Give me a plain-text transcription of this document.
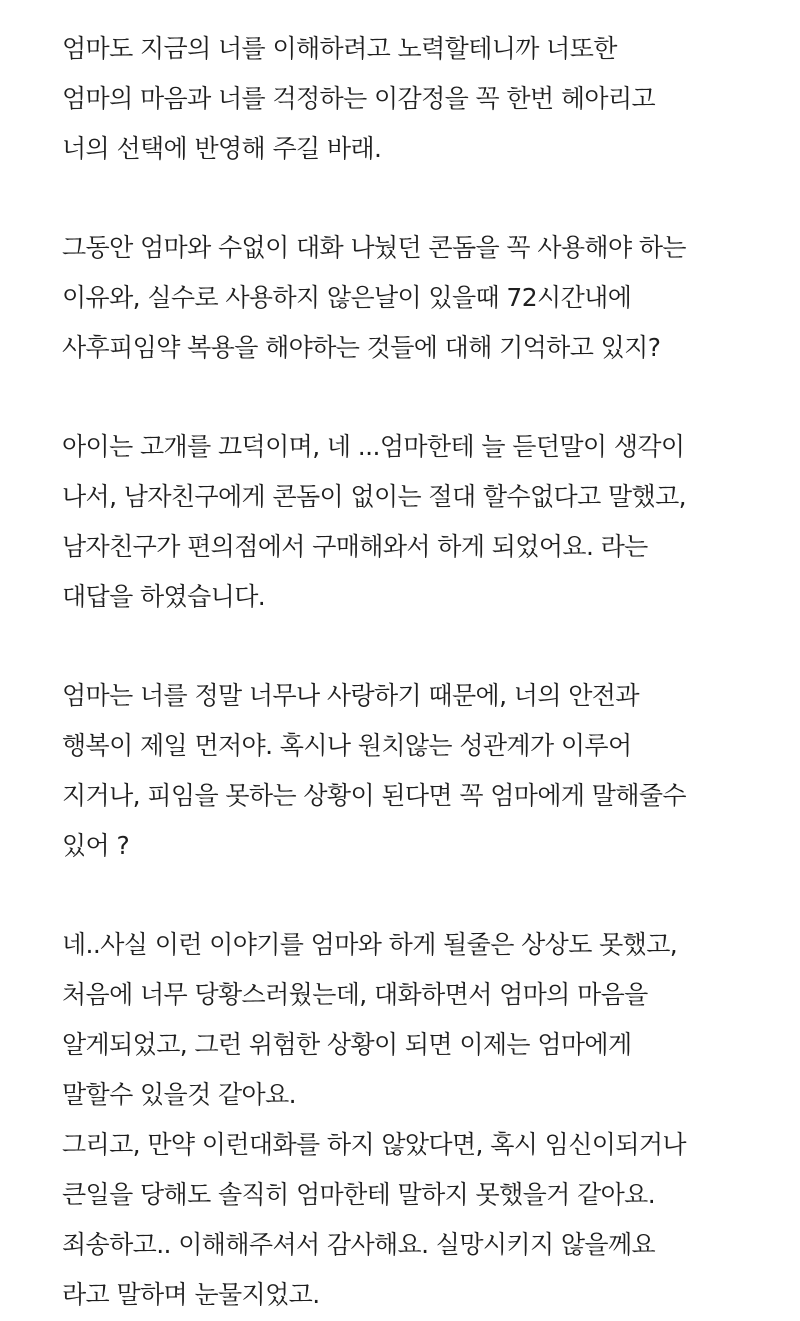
엄마도 지금의 너를 이해하려고 노력할테니까 너또한
엄마의 마음과 너를 걱정하는 이감정을 꼭 한번 헤아리고
너의 선택에 반영해 주길 바래.

그동안 엄마와 수없이 대화 나눴던 콘돔을 꼭 사용해야 하는
이유와, 실수로 사용하지 않은날이 있을때 72시간내에
사후피임약 복용을 해야하는 것들에 대해 기억하고 있지?

아이는 고개를 끄덕이며, 네 ...엄마한테 늘 듣던말이 생각이
나서, 남자친구에게 콘돔이 없이는 절대 할수없다고 말했고,
남자친구가 편의점에서 구매해와서 하게 되었어요. 라는
대답을 하였습니다.

엄마는 너를 정말 너무나 사랑하기 때문에, 너의 안전과
행복이 제일 먼저야. 혹시나 원치않는 성관계가 이루어
지거나, 피임을 못하는 상황이 된다면 꼭 엄마에게 말해줄수
있어 ?

네..사실 이런 이야기를 엄마와 하게 될줄은 상상도 못했고,
처음에 너무 당황스러웠는데, 대화하면서 엄마의 마음을
알게되었고, 그런 위험한 상황이 되면 이제는 엄마에게
말할수 있을것 같아요.
그리고, 만약 이런대화를 하지 않았다면, 혹시 임신이되거나
큰일을 당해도 솔직히 엄마한테 말하지 못했을거 같아요.
죄송하고.. 이해해주셔서 감사해요. 실망시키지 않을께요
라고 말하며 눈물지었고.
